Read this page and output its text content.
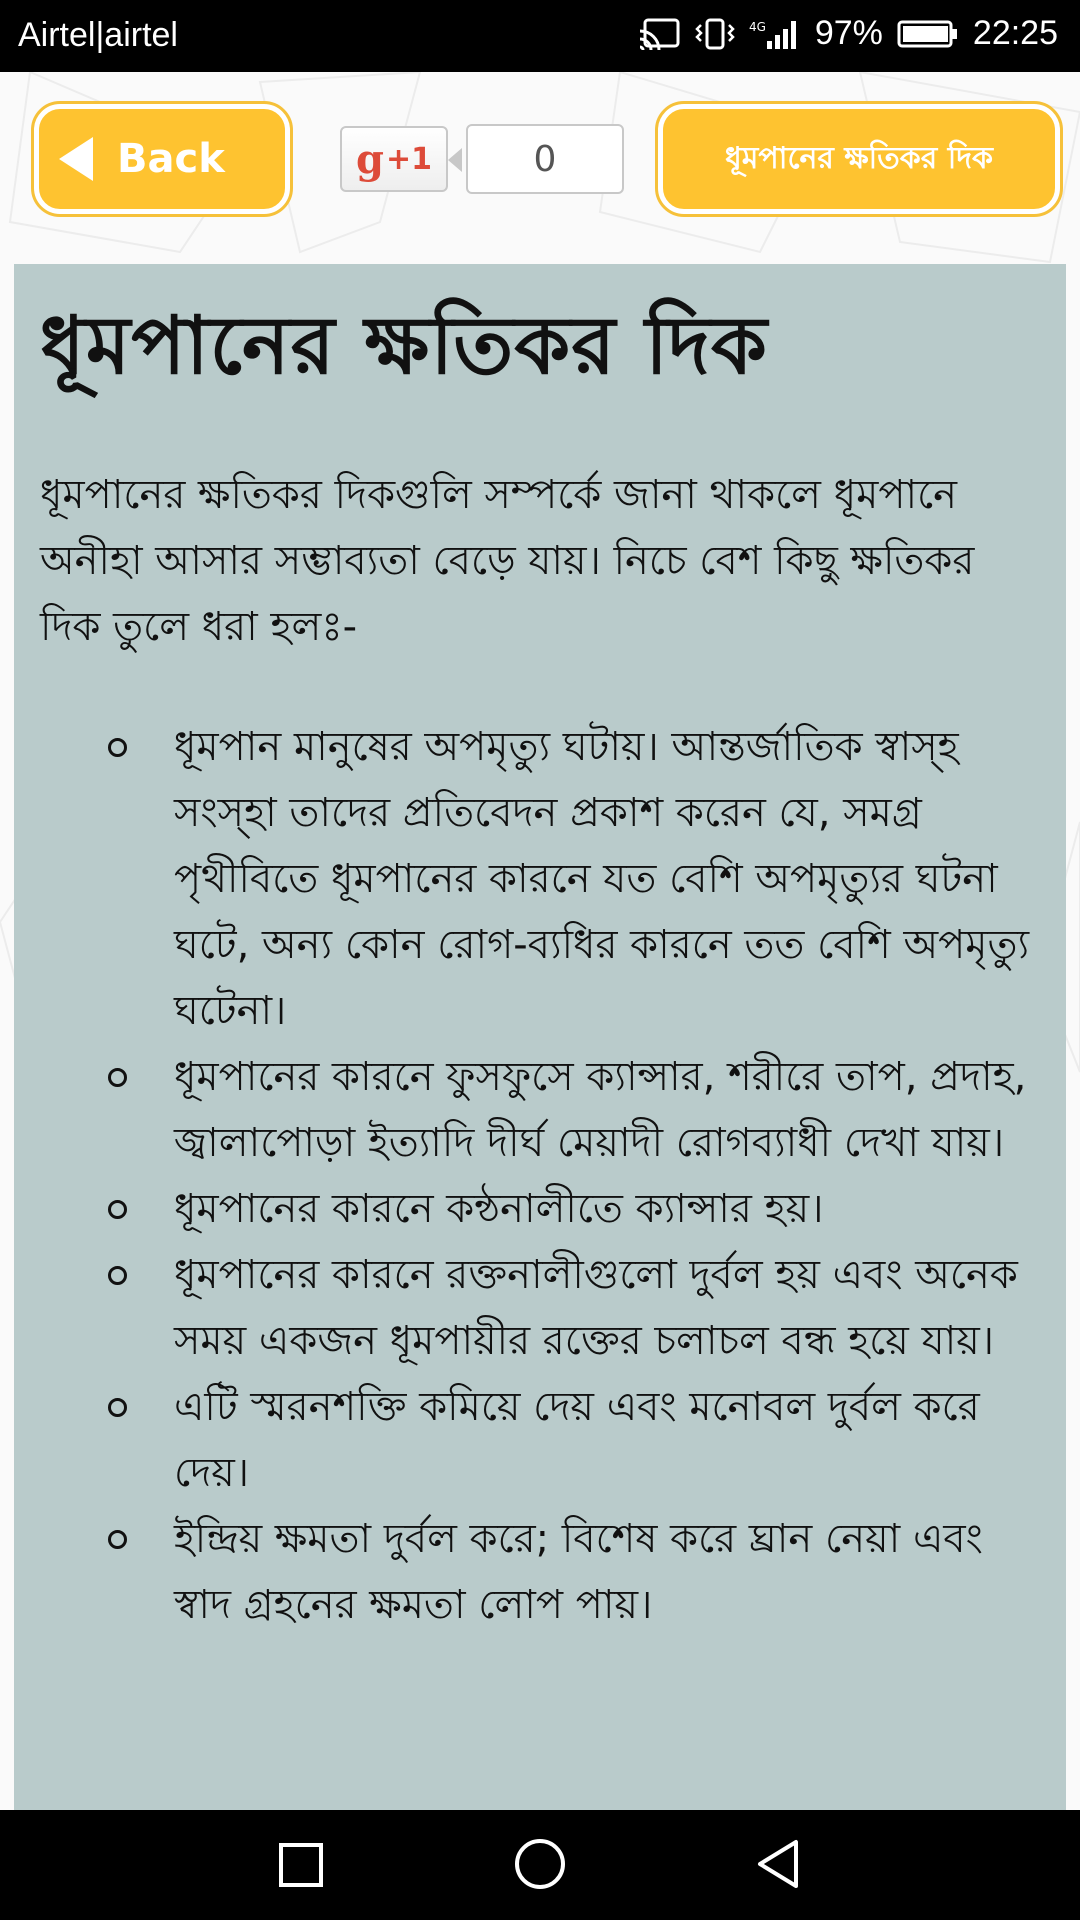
Airtel|airtel	4G 97%	22:25
Back	g +1	0	ধূমপানের ক্ষতিকর দিক
ধূমপানের ক্ষতিকর দিক

ধূমপানের ক্ষতিকর দিকগুলি সম্পর্কে জানা থাকলে ধূমপানে অনীহা আসার সম্ভাব্যতা বেড়ে যায়। নিচে বেশ কিছু ক্ষতিকর দিক তুলে ধরা হলঃ-

ধূমপান মানুষের অপমৃত্যু ঘটায়। আন্তর্জাতিক স্বাস্হ সংস্হা তাদের প্রতিবেদন প্রকাশ করেন যে, সমগ্র পৃথীবিতে ধূমপানের কারনে যত বেশি অপমৃত্যুর ঘটনা ঘটে, অন্য কোন রোগ-ব্যধির কারনে তত বেশি অপমৃত্যু ঘটেনা।
ধূমপানের কারনে ফুসফুসে ক্যান্সার, শরীরে তাপ, প্রদাহ, জ্বালাপোড়া ইত্যাদি দীর্ঘ মেয়াদী রোগব্যাধী দেখা যায়।
ধূমপানের কারনে কন্ঠনালীতে ক্যান্সার হয়।
ধূমপানের কারনে রক্তনালীগুলো দুর্বল হয় এবং অনেক সময় একজন ধূমপায়ীর রক্তের চলাচল বন্ধ হয়ে যায়।
এটি স্মরনশক্তি কমিয়ে দেয় এবং মনোবল দুর্বল করে দেয়।
ইন্দ্রিয় ক্ষমতা দুর্বল করে; বিশেষ করে ঘ্রান নেয়া এবং স্বাদ গ্রহনের ক্ষমতা লোপ পায়।
